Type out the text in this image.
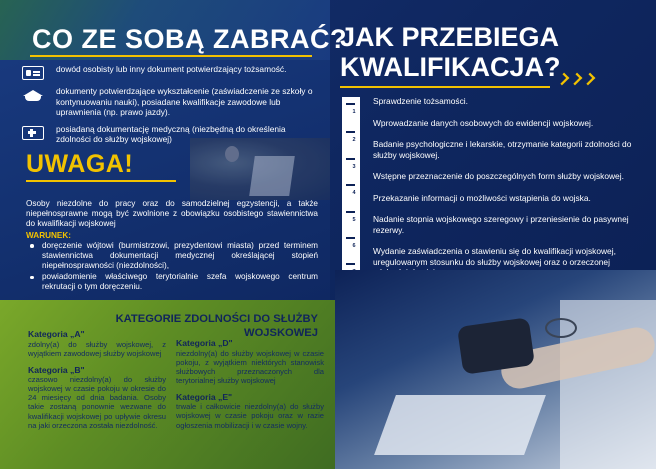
CO ZE SOBĄ ZABRAĆ?
dowód osobisty lub inny dokument potwierdzający tożsamość.
dokumenty potwierdzające wykształcenie (zaświadczenie ze szkoły o kontynuowaniu nauki), posiadane kwalifikacje zawodowe lub uprawnienia (np. prawo jazdy).
posiadaną dokumentację medyczną (niezbędną do określenia zdolności do służby wojskowej)
UWAGA!

Osoby niezdolne do pracy oraz do samodzielnej egzystencji, a także niepełnosprawne mogą być zwolnione z obowiązku osobistego stawiennictwa do kwalifikacji wojskowej

WARUNEK:
doręczenie wójtowi (burmistrzowi, prezydentowi miasta) przed terminem stawiennictwa dokumentacji medycznej określającej stopień niepełnosprawności (niezdolności),
powiadomienie właściwego terytorialnie szefa wojskowego centrum rekrutacji o tym doręczeniu.
JAK PRZEBIEGA
KWALIFIKACJA?
1
2
3
4
5
6

Sprawdzenie tożsamości.

Wprowadzanie danych osobowych do ewidencji wojskowej.

Badanie psychologiczne i lekarskie, otrzymanie kategorii zdolności do służby wojskowej.

Wstępne przeznaczenie do poszczególnych form służby wojskowej.

Przekazanie informacji o możliwości wstąpienia do wojska.

Nadanie stopnia wojskowego szeregowy i przeniesienie do pasywnej rezerwy.

Wydanie zaświadczenia o stawieniu się do kwalifikacji wojskowej, uregulowanym stosunku do służby wojskowej oraz o orzeczonej

KATEGORIE ZDOLNOŚCI DO SŁUŻBY
WOJSKOWEJ
Kategoria „A"
zdolny(a) do służby wojskowej, z wyjątkiem zawodowej służby wojskowej
Kategoria „B"
czasowo niezdolny(a) do służby wojskowej w czasie pokoju w okresie do 24 miesięcy od dnia badania. Osoby takie zostaną ponownie wezwane do kwalifikacji wojskowej po upływie okresu na jaki orzeczona została niezdolność.
Kategoria „D"
niezdolny(a) do służby wojskowej w czasie pokoju, z wyjątkiem niektórych stanowisk służbowych przeznaczonych dla terytorialnej służby wojskowej
Kategoria „E"
trwale i całkowicie niezdolny(a) do służby wojskowej w czasie pokoju oraz w razie ogłoszenia mobilizacji i w czasie wojny.
